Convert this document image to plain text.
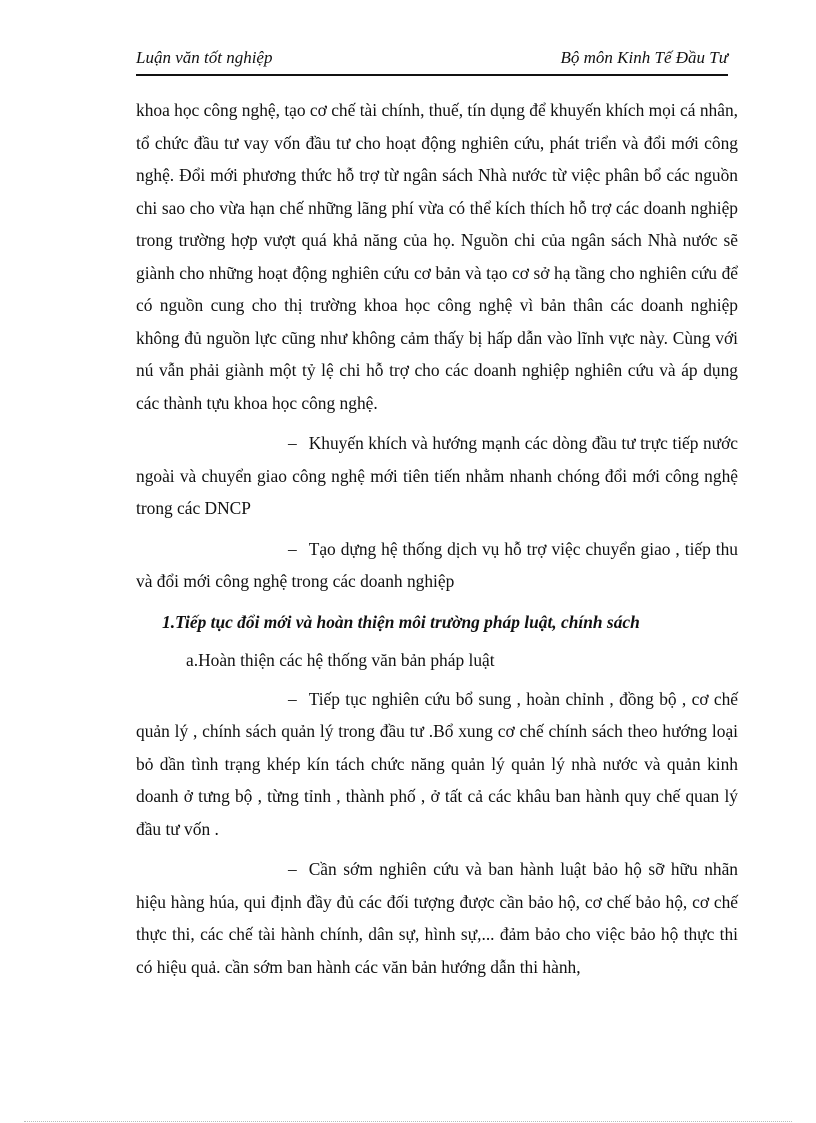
Luận văn tốt nghiệp	Bộ môn Kinh Tế Đầu Tư

khoa học công nghệ, tạo cơ chế tài chính, thuế, tín dụng để khuyến khích mọi cá nhân, tổ chức đầu tư vay vốn đầu tư cho hoạt động nghiên cứu, phát triển và đổi mới công nghệ. Đổi mới phương thức hỗ trợ từ ngân sách Nhà nước từ việc phân bổ các nguồn chi sao cho vừa hạn chế những lãng phí vừa có thể kích thích hỗ trợ các doanh nghiệp trong trường hợp vượt quá khả năng của họ. Nguồn chi của ngân sách Nhà nước sẽ giành cho những hoạt động nghiên cứu cơ bản và tạo cơ sở hạ tầng cho nghiên cứu để có nguồn cung cho thị trường khoa học công nghệ vì bản thân các doanh nghiệp không đủ nguồn lực cũng như không cảm thấy bị hấp dẫn vào lĩnh vực này. Cùng với nú vẫn phải giành một tỷ lệ chi hỗ trợ cho các doanh nghiệp nghiên cứu và áp dụng các thành tựu khoa học công nghệ.

– Khuyến khích và hướng mạnh các dòng đầu tư trực tiếp nước ngoài và chuyển giao công nghệ mới tiên tiến nhằm nhanh chóng đổi mới công nghệ trong các DNCP

– Tạo dựng hệ thống dịch vụ hỗ trợ việc chuyển giao , tiếp thu và đổi mới công nghệ trong các doanh nghiệp

1.Tiếp tục đổi mới và hoàn thiện môi trường pháp luật, chính sách

a.Hoàn thiện các hệ thống văn bản pháp luật

– Tiếp tục nghiên cứu bổ sung , hoàn chỉnh , đồng bộ , cơ chế quản lý , chính sách quản lý trong đầu tư .Bổ xung cơ chế chính sách theo hướng loại bỏ dần tình trạng khép kín tách chức năng quản lý quản lý nhà nước và quản kinh doanh ở tưng bộ , từng tỉnh , thành phố , ở tất cả các khâu ban hành quy chế quan lý đầu tư vốn .

– Cần sớm nghiên cứu và ban hành luật bảo hộ sỡ hữu nhãn hiệu hàng húa, qui định đầy đủ các đối tượng được cần bảo hộ, cơ chế bảo hộ, cơ chế thực thi, các chế tài hành chính, dân sự, hình sự,... đảm bảo cho việc bảo hộ thực thi có hiệu quả. cần sớm ban hành các văn bản hướng dẫn thi hành,
